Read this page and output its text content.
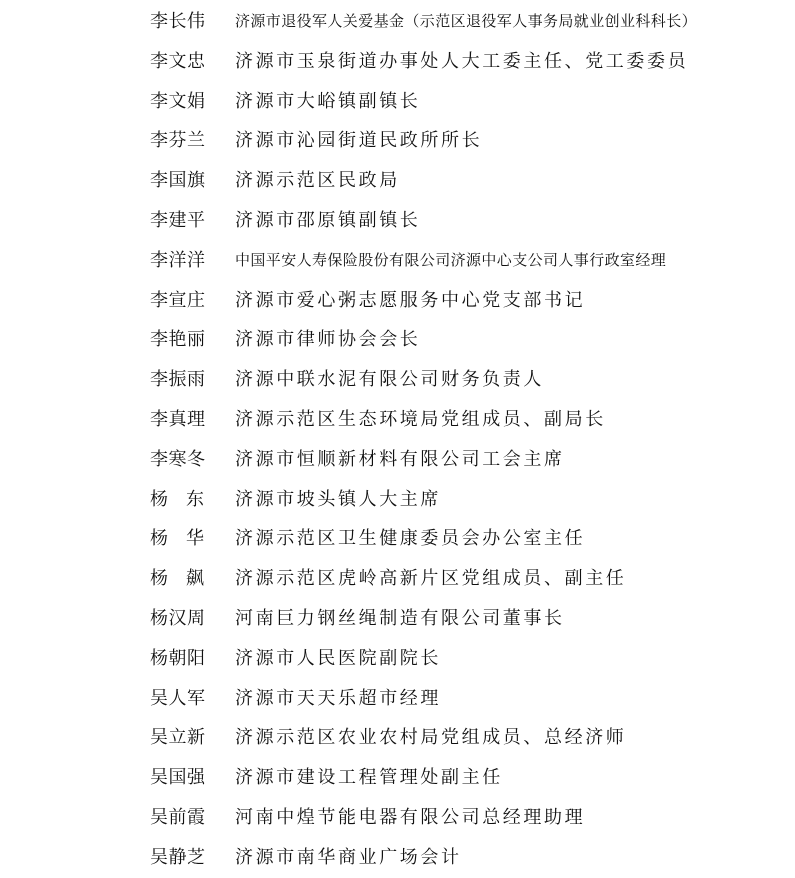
李长伟	济源市退役军人关爱基金（示范区退役军人事务局就业创业科科长）
李文忠	济源市玉泉街道办事处人大工委主任、党工委委员
李文娟	济源市大峪镇副镇长
李芬兰	济源市沁园街道民政所所长
李国旗	济源示范区民政局
李建平	济源市邵原镇副镇长
李洋洋	中国平安人寿保险股份有限公司济源中心支公司人事行政室经理
李宣庄	济源市爱心粥志愿服务中心党支部书记
李艳丽	济源市律师协会会长
李振雨	济源中联水泥有限公司财务负责人
李真理	济源示范区生态环境局党组成员、副局长
李寒冬	济源市恒顺新材料有限公司工会主席
杨　东	济源市坡头镇人大主席
杨　华	济源示范区卫生健康委员会办公室主任
杨　飙	济源示范区虎岭高新片区党组成员、副主任
杨汉周	河南巨力钢丝绳制造有限公司董事长
杨朝阳	济源市人民医院副院长
吴人军	济源市天天乐超市经理
吴立新	济源示范区农业农村局党组成员、总经济师
吴国强	济源市建设工程管理处副主任
吴前霞	河南中煌节能电器有限公司总经理助理
吴静芝	济源市南华商业广场会计
